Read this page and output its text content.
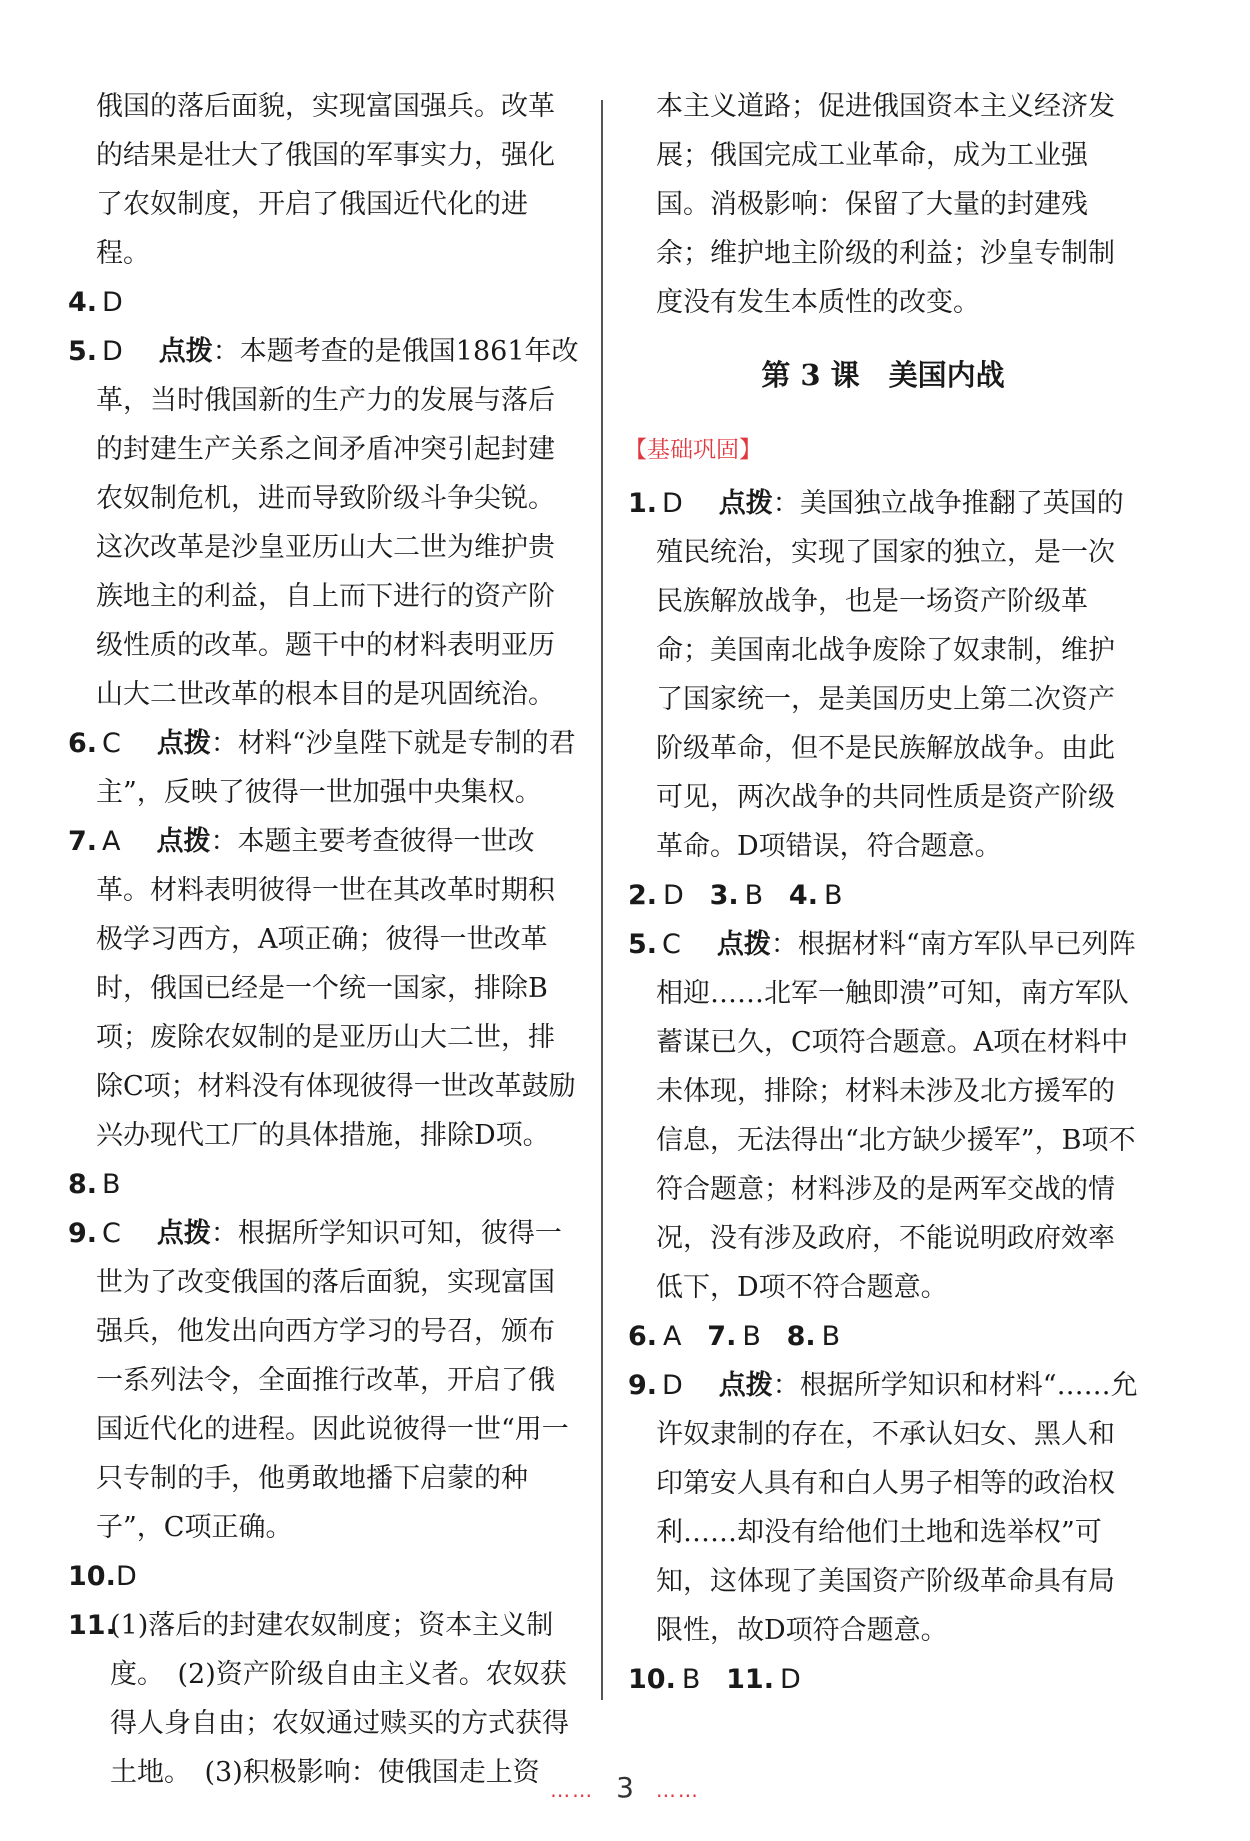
俄国的落后面貌，实现富国强兵。改革的结果是壮大了俄国的军事实力，强化了农奴制度，开启了俄国近代化的进程。
4. D
5. D 点拨：本题考查的是俄国1861年改革，当时俄国新的生产力的发展与落后的封建生产关系之间矛盾冲突引起封建农奴制危机，进而导致阶级斗争尖锐。这次改革是沙皇亚历山大二世为维护贵族地主的利益，自上而下进行的资产阶级性质的改革。题干中的材料表明亚历山大二世改革的根本目的是巩固统治。
6. C 点拨：材料“沙皇陛下就是专制的君主”，反映了彼得一世加强中央集权。
7. A 点拨：本题主要考查彼得一世改革。材料表明彼得一世在其改革时期积极学习西方，A项正确；彼得一世改革时，俄国已经是一个统一国家，排除B项；废除农奴制的是亚历山大二世，排除C项；材料没有体现彼得一世改革鼓励兴办现代工厂的具体措施，排除D项。
8. B
9. C 点拨：根据所学知识可知，彼得一世为了改变俄国的落后面貌，实现富国强兵，他发出向西方学习的号召，颁布一系列法令，全面推行改革，开启了俄国近代化的进程。因此说彼得一世“用一只专制的手，他勇敢地播下启蒙的种子”，C项正确。
10. D
11.
(1)落后的封建农奴制度；资本主义制度。　(2)资产阶级自由主义者。农奴获得人身自由；农奴通过赎买的方式获得土地。　(3)积极影响：使俄国走上资
本主义道路；促进俄国资本主义经济发展；俄国完成工业革命，成为工业强国。消极影响：保留了大量的封建残余；维护地主阶级的利益；沙皇专制制度没有发生本质性的改变。
第 3 课　美国内战
【基础巩固】
1. D 点拨：美国独立战争推翻了英国的殖民统治，实现了国家的独立，是一次民族解放战争，也是一场资产阶级革命；美国南北战争废除了奴隶制，维护了国家统一，是美国历史上第二次资产阶级革命，但不是民族解放战争。由此可见，两次战争的共同性质是资产阶级革命。D项错误，符合题意。
2. D 3. B 4. B
5. C 点拨：根据材料“南方军队早已列阵相迎……北军一触即溃”可知，南方军队蓄谋已久，C项符合题意。A项在材料中未体现，排除；材料未涉及北方援军的信息，无法得出“北方缺少援军”，B项不符合题意；材料涉及的是两军交战的情况，没有涉及政府，不能说明政府效率低下，D项不符合题意。
6. A 7. B 8. B
9. D 点拨：根据所学知识和材料“……允许奴隶制的存在，不承认妇女、黑人和印第安人具有和白人男子相等的政治权利……却没有给他们土地和选举权”可知，这体现了美国资产阶级革命具有局限性，故D项符合题意。
10. B 11. D
…… 3 ……
